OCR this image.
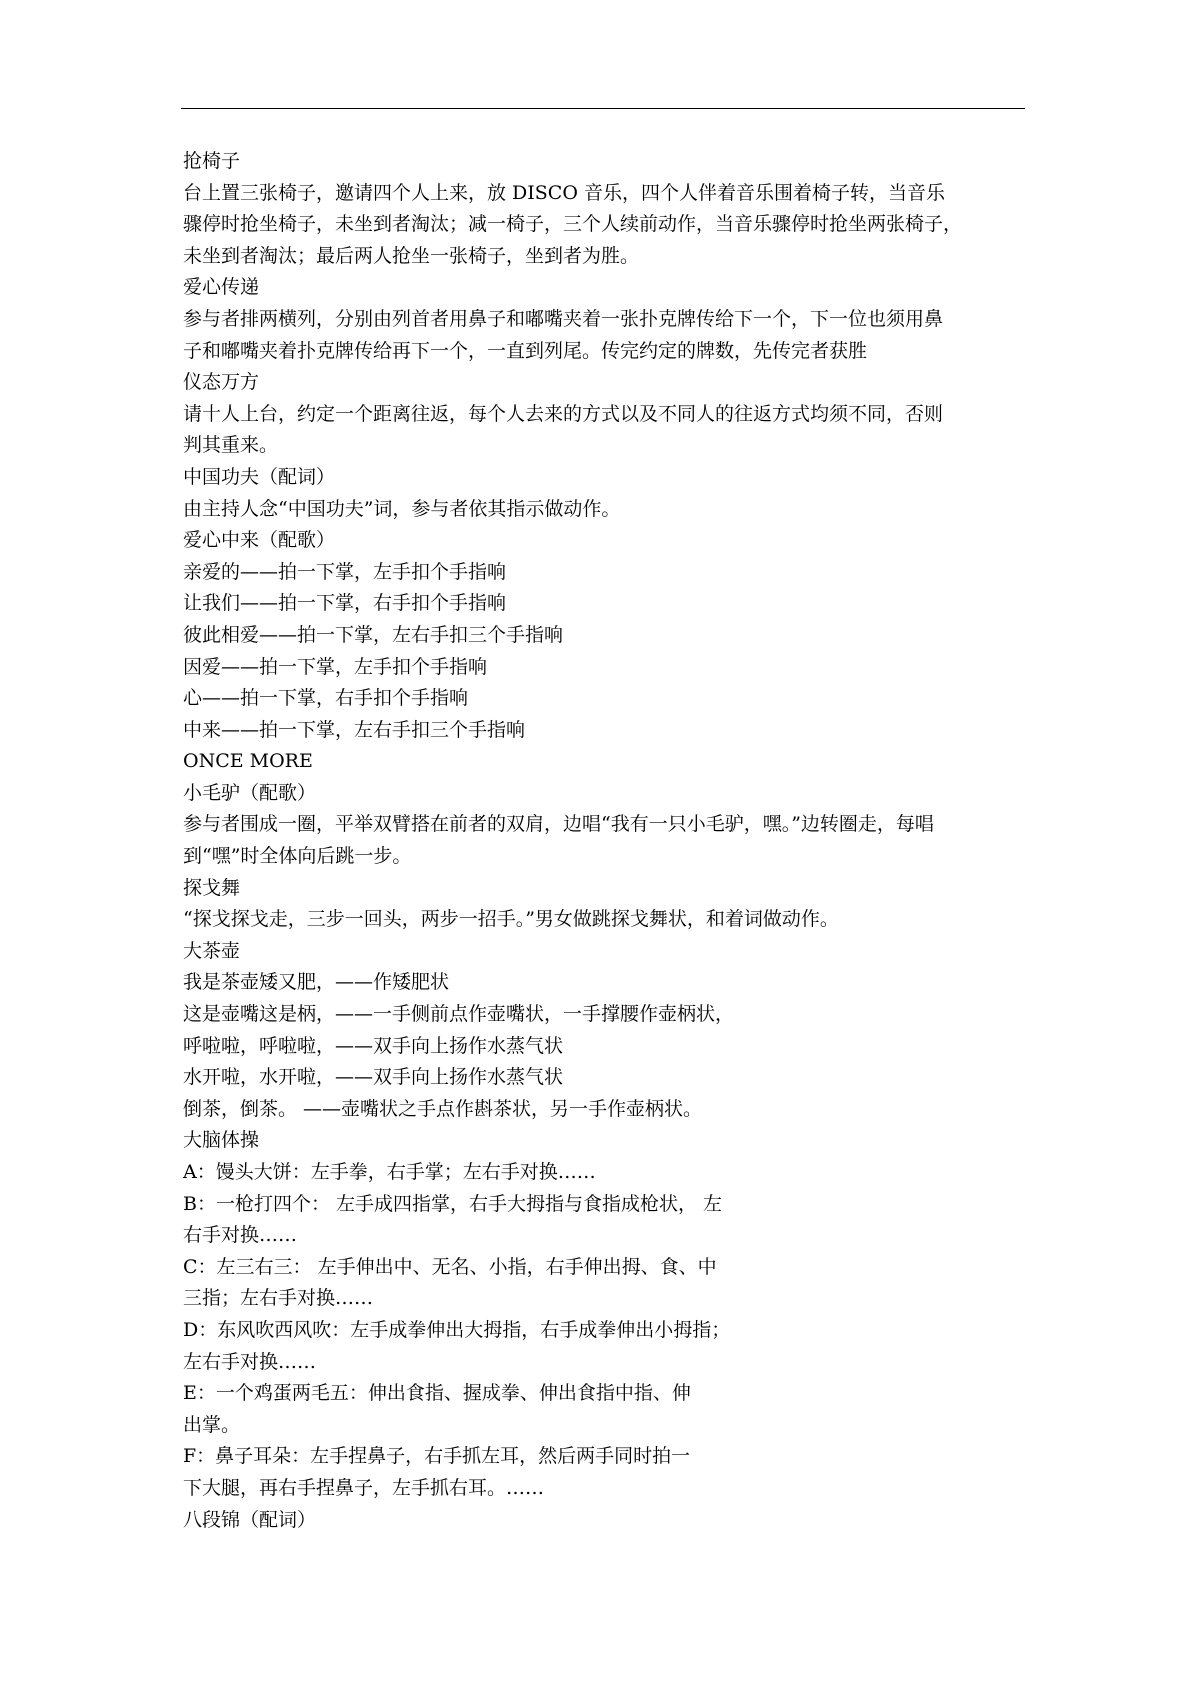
抢椅子
台上置三张椅子，邀请四个人上来，放 DISCO 音乐，四个人伴着音乐围着椅子转，当音乐
骤停时抢坐椅子，未坐到者淘汰；减一椅子，三个人续前动作，当音乐骤停时抢坐两张椅子，
未坐到者淘汰；最后两人抢坐一张椅子，坐到者为胜。
爱心传递
参与者排两横列，分别由列首者用鼻子和嘟嘴夹着一张扑克牌传给下一个，下一位也须用鼻
子和嘟嘴夹着扑克牌传给再下一个，一直到列尾。传完约定的牌数，先传完者获胜
仪态万方
请十人上台，约定一个距离往返，每个人去来的方式以及不同人的往返方式均须不同，否则
判其重来。
中国功夫（配词）
由主持人念“中国功夫”词，参与者依其指示做动作。
爱心中来（配歌）
亲爱的——拍一下掌，左手扣个手指响
让我们——拍一下掌，右手扣个手指响
彼此相爱——拍一下掌，左右手扣三个手指响
因爱——拍一下掌，左手扣个手指响
心——拍一下掌，右手扣个手指响
中来——拍一下掌，左右手扣三个手指响
ONCE MORE
小毛驴（配歌）
参与者围成一圈，平举双臂搭在前者的双肩，边唱“我有一只小毛驴，嘿。”边转圈走，每唱
到“嘿”时全体向后跳一步。
探戈舞
“探戈探戈走，三步一回头，两步一招手。”男女做跳探戈舞状，和着词做动作。
大茶壶
我是茶壶矮又肥，——作矮肥状
这是壶嘴这是柄，——一手侧前点作壶嘴状，一手撑腰作壶柄状，
呼啦啦，呼啦啦，——双手向上扬作水蒸气状
水开啦，水开啦，——双手向上扬作水蒸气状
倒茶，倒茶。 ——壶嘴状之手点作斟茶状，另一手作壶柄状。
大脑体操
A：馒头大饼：左手拳，右手掌；左右手对换……
B：一枪打四个： 左手成四指掌，右手大拇指与食指成枪状， 左
右手对换……
C：左三右三： 左手伸出中、无名、小指，右手伸出拇、食、中
三指；左右手对换……
D：东风吹西风吹：左手成拳伸出大拇指，右手成拳伸出小拇指；
左右手对换……
E：一个鸡蛋两毛五：伸出食指、握成拳、伸出食指中指、伸
出掌。
F：鼻子耳朵：左手捏鼻子，右手抓左耳，然后两手同时拍一
下大腿，再右手捏鼻子，左手抓右耳。……
八段锦（配词）
